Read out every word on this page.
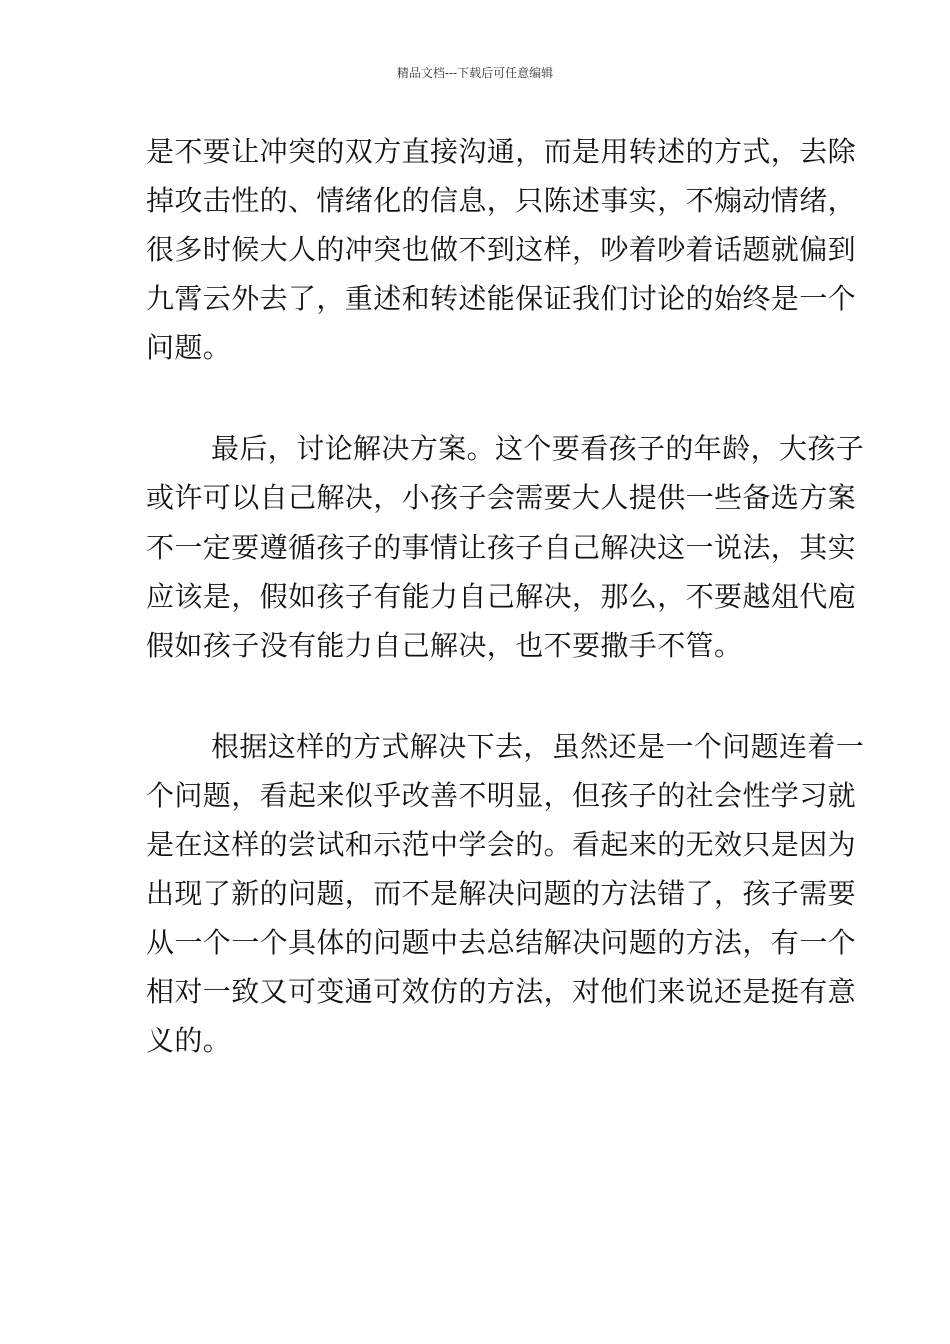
精品文档---下载后可任意编辑
是不要让冲突的双方直接沟通，而是用转述的方式，去除
掉攻击性的、情绪化的信息，只陈述事实，不煽动情绪，
很多时候大人的冲突也做不到这样，吵着吵着话题就偏到
九霄云外去了，重述和转述能保证我们讨论的始终是一个
问题。
最后，讨论解决方案。这个要看孩子的年龄，大孩子
或许可以自己解决，小孩子会需要大人提供一些备选方案
不一定要遵循孩子的事情让孩子自己解决这一说法，其实
应该是，假如孩子有能力自己解决，那么，不要越俎代庖
假如孩子没有能力自己解决，也不要撒手不管。
根据这样的方式解决下去，虽然还是一个问题连着一
个问题，看起来似乎改善不明显，但孩子的社会性学习就
是在这样的尝试和示范中学会的。看起来的无效只是因为
出现了新的问题，而不是解决问题的方法错了，孩子需要
从一个一个具体的问题中去总结解决问题的方法，有一个
相对一致又可变通可效仿的方法，对他们来说还是挺有意
义的。
